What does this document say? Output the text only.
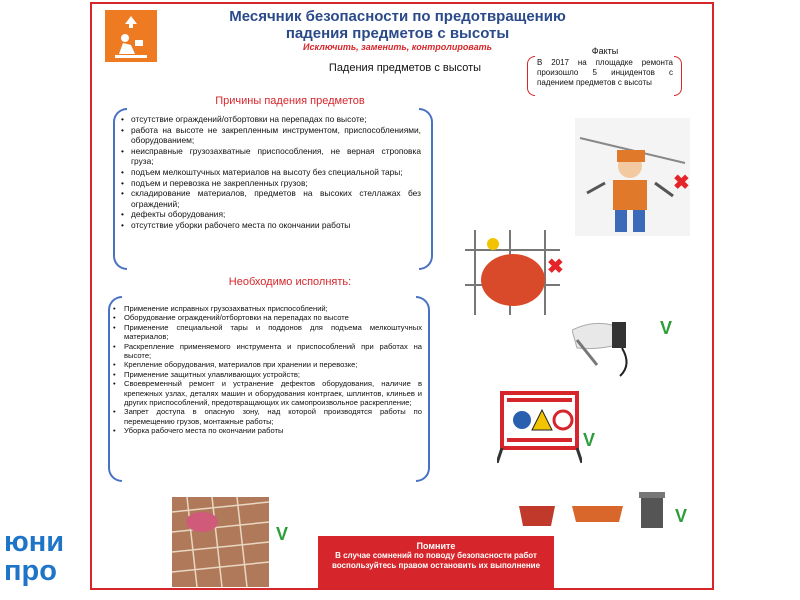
Месячник безопасности по предотвращению
падения предметов с высоты
Исключить, заменить, контролировать
Падения предметов с высоты
Факты
В 2017 на площадке ремонта произошло 5 инцидентов с падением предметов с высоты
Причины падения предметов
• отсутствие ограждений/отбортовки на перепадах по высоте;
• работа на высоте не закрепленным инструментом, приспособлениями, оборудованием;
• неисправные грузозахватные приспособления, не верная строповка груза;
• подъем мелкоштучных материалов на высоту без специальной тары;
• подъем и перевозка не закрепленных грузов;
• складирование материалов, предметов на высоких стеллажах без ограждений;
• дефекты оборудования;
• отсутствие уборки рабочего места по окончании работы
Необходимо исполнять:
• Применение исправных грузозахватных приспособлений;
• Оборудование ограждений/отбортовки на перепадах по высоте
• Применение специальной тары и поддонов для подъема мелкоштучных материалов;
• Раскрепление применяемого инструмента и приспособлений при работах на высоте;
• Крепление оборудования, материалов при хранении и перевозке;
• Применение защитных улавливающих устройств;
• Своевременный ремонт и устранение дефектов оборудования, наличие в крепежных узлах, деталях машин и оборудования контргаек, шплинтов, клиньев и других приспособлений, предотвращающих их самопроизвольное раскрепление;
• Запрет доступа в опасную зону, над которой производятся работы по перемещению грузов, монтажные работы;
• Уборка рабочего места по окончании работы
✖
✖
V
V
V
V
Помните
В случае сомнений по поводу безопасности работ воспользуйтесь правом остановить их выполнение
юни
про
